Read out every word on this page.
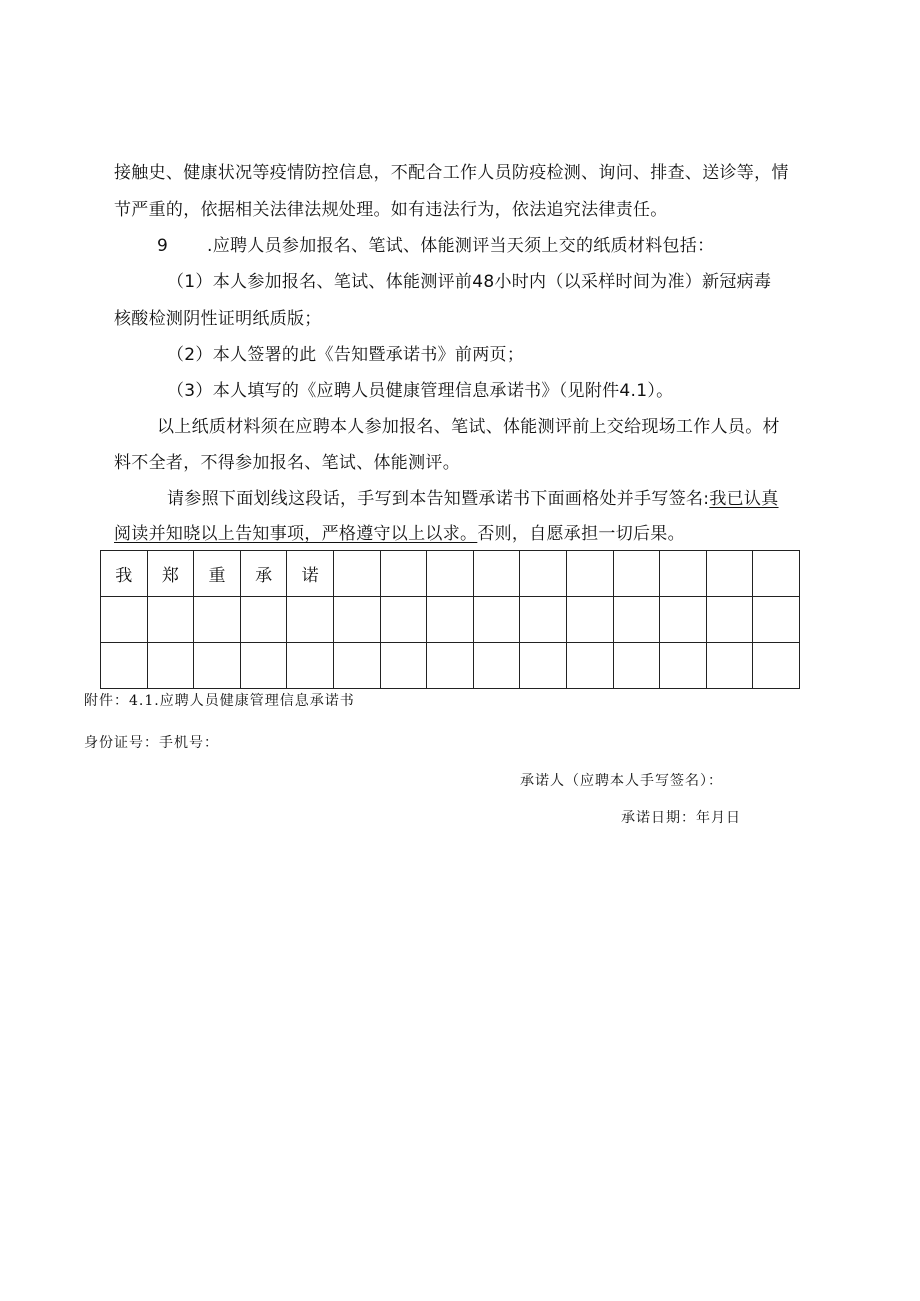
接触史、健康状况等疫情防控信息，不配合工作人员防疫检测、询问、排查、送诊等，情
节严重的，依据相关法律法规处理。如有违法行为，依法追究法律责任。
9 .应聘人员参加报名、笔试、体能测评当天须上交的纸质材料包括：
（1）本人参加报名、笔试、体能测评前48小时内（以采样时间为准）新冠病毒
核酸检测阴性证明纸质版；
（2）本人签署的此《告知暨承诺书》前两页；
（3）本人填写的《应聘人员健康管理信息承诺书》（见附件4.1）。
以上纸质材料须在应聘本人参加报名、笔试、体能测评前上交给现场工作人员。材
料不全者，不得参加报名、笔试、体能测评。
请参照下面划线这段话，手写到本告知暨承诺书下面画格处并手写签名:我已认真
阅读并知晓以上告知事项，严格遵守以上以求。否则，自愿承担一切后果。
我	郑	重	承	诺										

附件：4.1.应聘人员健康管理信息承诺书
身份证号：手机号：
承诺人（应聘本人手写签名）：
承诺日期：年月日
